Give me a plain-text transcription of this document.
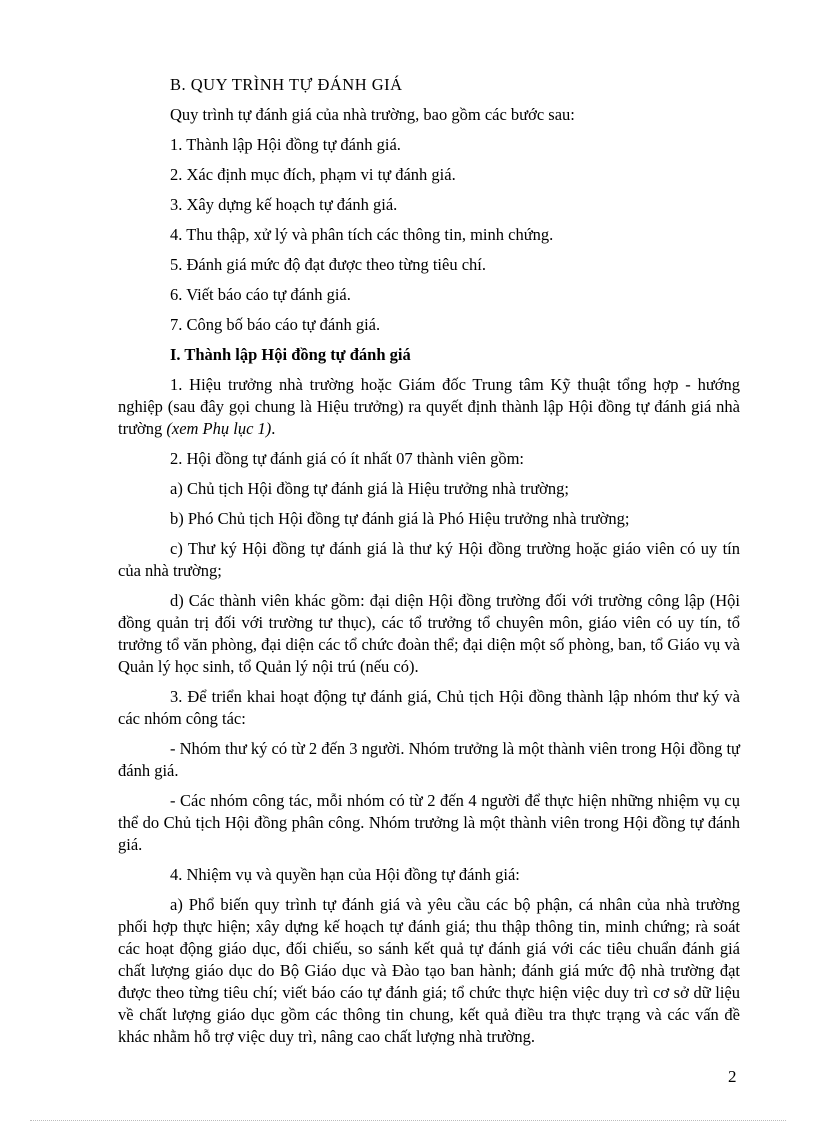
B. QUY TRÌNH TỰ ĐÁNH GIÁ

Quy trình tự đánh giá của nhà trường, bao gồm các bước sau:

1. Thành lập Hội đồng tự đánh giá.

2. Xác định mục đích, phạm vi tự đánh giá.

3. Xây dựng kế hoạch tự đánh giá.

4. Thu thập, xử lý và phân tích các thông tin, minh chứng.

5. Đánh giá mức độ đạt được theo từng tiêu chí.

6. Viết báo cáo tự đánh giá.

7. Công bố báo cáo tự đánh giá.

I. Thành lập Hội đồng tự đánh giá

1. Hiệu trưởng nhà trường hoặc Giám đốc Trung tâm Kỹ thuật tổng hợp - hướng nghiệp (sau đây gọi chung là Hiệu trưởng) ra quyết định thành lập Hội đồng tự đánh giá nhà trường (xem Phụ lục 1).

2. Hội đồng tự đánh giá có ít nhất 07 thành viên gồm:

a) Chủ tịch Hội đồng tự đánh giá là Hiệu trưởng nhà trường;

b) Phó Chủ tịch Hội đồng tự đánh giá là Phó Hiệu trưởng nhà trường;

c) Thư ký Hội đồng tự đánh giá là thư ký Hội đồng trường hoặc giáo viên có uy tín của nhà trường;

d) Các thành viên khác gồm: đại diện Hội đồng trường đối với trường công lập (Hội đồng quản trị đối với trường tư thục), các tổ trưởng tổ chuyên môn, giáo viên có uy tín, tổ trưởng tổ văn phòng, đại diện các tổ chức đoàn thể; đại diện một số phòng, ban, tổ Giáo vụ và Quản lý học sinh, tổ Quản lý nội trú (nếu có).

3. Để triển khai hoạt động tự đánh giá, Chủ tịch Hội đồng thành lập nhóm thư ký và các nhóm công tác:

- Nhóm thư ký có từ 2 đến 3 người. Nhóm trưởng là một thành viên trong Hội đồng tự đánh giá.

- Các nhóm công tác, mỗi nhóm có từ 2 đến 4 người để thực hiện những nhiệm vụ cụ thể do Chủ tịch Hội đồng phân công. Nhóm trưởng là một thành viên trong Hội đồng tự đánh giá.

4. Nhiệm vụ và quyền hạn của Hội đồng tự đánh giá:

a) Phổ biến quy trình tự đánh giá và yêu cầu các bộ phận, cá nhân của nhà trường phối hợp thực hiện; xây dựng kế hoạch tự đánh giá; thu thập thông tin, minh chứng; rà soát các hoạt động giáo dục, đối chiếu, so sánh kết quả tự đánh giá với các tiêu chuẩn đánh giá chất lượng giáo dục do Bộ Giáo dục và Đào tạo ban hành; đánh giá mức độ nhà trường đạt được theo từng tiêu chí; viết báo cáo tự đánh giá; tổ chức thực hiện việc duy trì cơ sở dữ liệu về chất lượng giáo dục gồm các thông tin chung, kết quả điều tra thực trạng và các vấn đề khác nhằm hỗ trợ việc duy trì, nâng cao chất lượng nhà trường.

2
